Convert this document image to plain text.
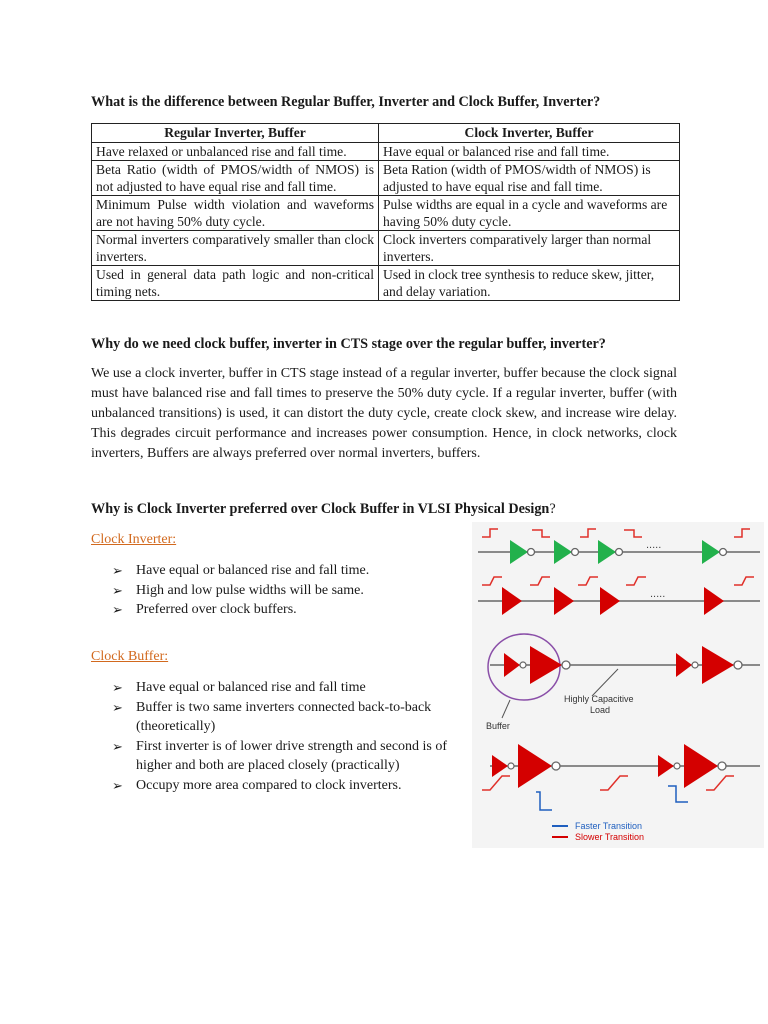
What is the difference between Regular Buffer, Inverter and Clock Buffer, Inverter?
Regular Inverter, Buffer	Clock Inverter, Buffer
Have relaxed or unbalanced rise and fall time.	Have equal or balanced rise and fall time.
Beta Ratio (width of PMOS/width of NMOS) is not adjusted to have equal rise and fall time.	Beta Ration (width of PMOS/width of NMOS) is adjusted to have equal rise and fall time.
Minimum Pulse width violation and waveforms are not having 50% duty cycle.	Pulse widths are equal in a cycle and waveforms are having 50% duty cycle.
Normal inverters comparatively smaller than clock inverters.	Clock inverters comparatively larger than normal inverters.
Used in general data path logic and non-critical timing nets.	Used in clock tree synthesis to reduce skew, jitter, and delay variation.
Why do we need clock buffer, inverter in CTS stage over the regular buffer, inverter?

We use a clock inverter, buffer in CTS stage instead of a regular inverter, buffer because the clock signal must have balanced rise and fall times to preserve the 50% duty cycle. If a regular inverter, buffer (with unbalanced transitions) is used, it can distort the duty cycle, create clock skew, and increase wire delay. This degrades circuit performance and increases power consumption. Hence, in clock networks, clock inverters, Buffers are always preferred over normal inverters, buffers.

Why is Clock Inverter preferred over Clock Buffer in VLSI Physical Design?

Clock Inverter:

➢ Have equal or balanced rise and fall time.
➢ High and low pulse widths will be same.
➢ Preferred over clock buffers.

Clock Buffer:

➢ Have equal or balanced rise and fall time
➢ Buffer is two same inverters connected back-to-back (theoretically)
➢ First inverter is of lower drive strength and second is of higher and both are placed closely (practically)
➢ Occupy more area compared to clock inverters.
.....
.....
Highly Capacitive
Load
Buffer
Faster Transition
Slower Transition
